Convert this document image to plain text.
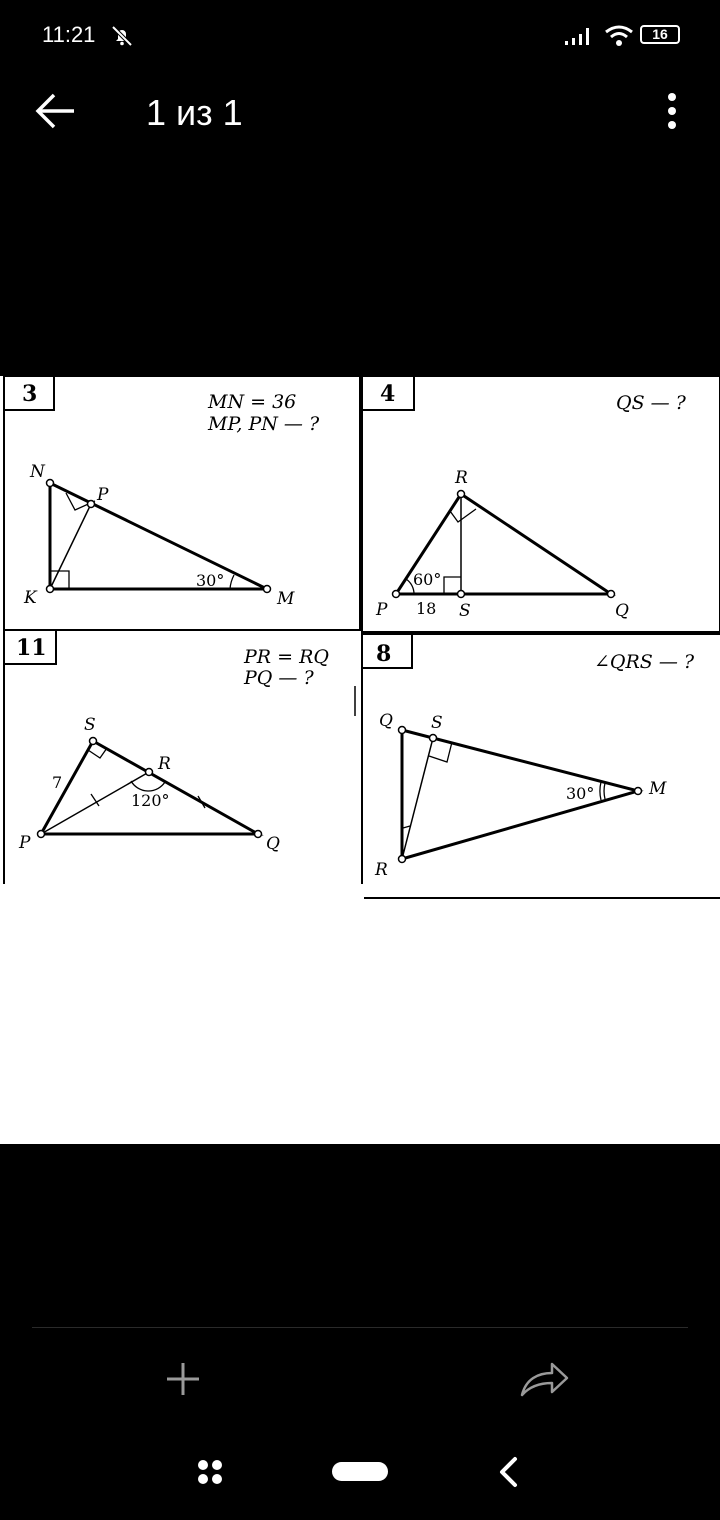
11:21	16
1 из 1
3	MN = 36
MP, PN — ?
N
P
K	M
30°
4	QS — ?
R
P	S	Q
60°
18
11	PR = RQ
PQ — ?
S
R
P	Q
7
120°
8	∠QRS — ?
Q S
M
R
30°
